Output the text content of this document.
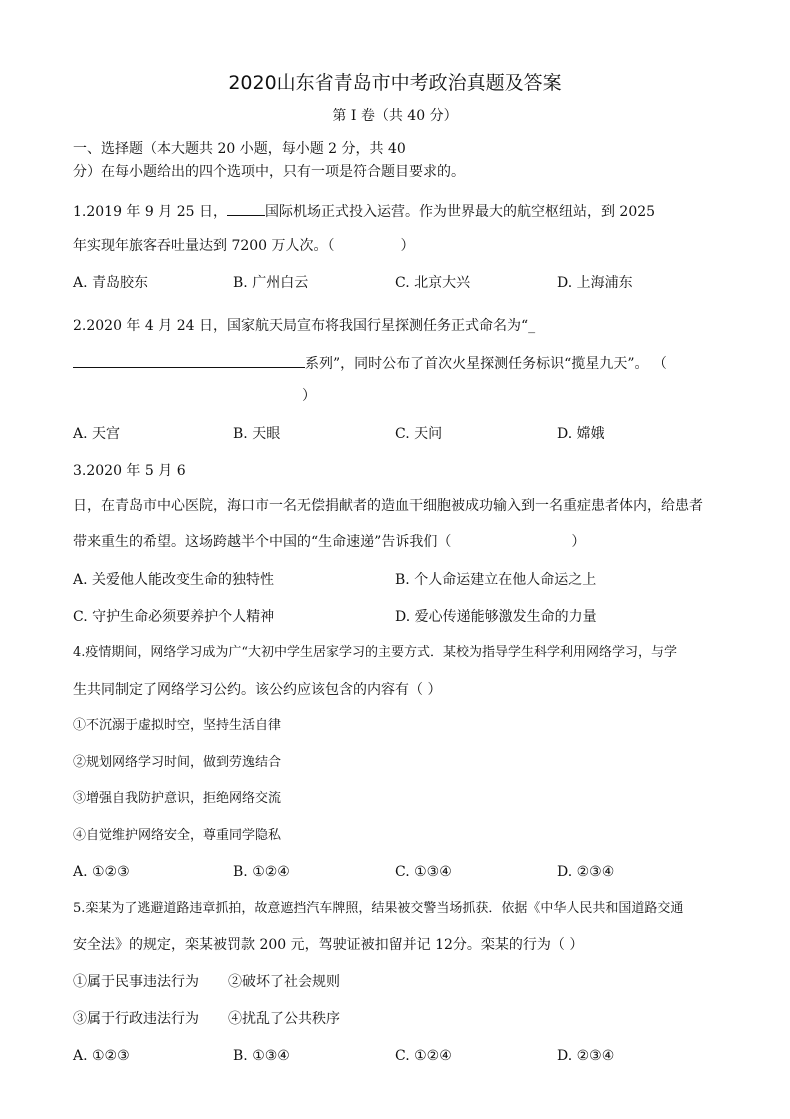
2020山东省青岛市中考政治真题及答案
第 I 卷（共 40 分）
一、选择题（本大题共 20 小题，每小题 2 分，共 40
分）在每小题给出的四个选项中，只有一项是符合题目要求的。
1.2019 年 9 月 25 日，	国际机场正式投入运营。作为世界最大的航空枢纽站，到 2025
年实现年旅客吞吐量达到 7200 万人次。（	）
A. 青岛胶东	B. 广州白云	C. 北京大兴	D. 上海浦东
2.2020 年 4 月 24 日，国家航天局宣布将我国行星探测任务正式命名为“_
系列”，同时公布了首次火星探测任务标识“揽星九天”。 （
）
A. 天宫	B. 天眼	C. 天问	D. 嫦娥
3.2020 年 5 月 6
日，在青岛市中心医院，海口市一名无偿捐献者的造血干细胞被成功输入到一名重症患者体内，给患者
带来重生的希望。这场跨越半个中国的“生命速递”告诉我们（	）
A. 关爱他人能改变生命的独特性	B. 个人命运建立在他人命运之上
C. 守护生命必须要养护个人精神	D. 爱心传递能够激发生命的力量
4.疫情期间，网络学习成为广“大初中学生居家学习的主要方式．某校为指导学生科学利用网络学习，与学
生共同制定了网络学习公约。该公约应该包含的内容有（ ）
①不沉溺于虚拟时空，坚持生活自律
②规划网络学习时间，做到劳逸结合
③增强自我防护意识，拒绝网络交流
④自觉维护网络安全，尊重同学隐私
A. ①②③	B. ①②④	C. ①③④	D. ②③④
5.栾某为了逃避道路违章抓拍，故意遮挡汽车牌照，结果被交警当场抓获．依据《中华人民共和国道路交通
安全法》的规定，栾某被罚款 200 元，驾驶证被扣留并记 12分。栾某的行为（ ）
①属于民事违法行为 ②破坏了社会规则
③属于行政违法行为 ④扰乱了公共秩序
A. ①②③	B. ①③④	C. ①②④	D. ②③④
